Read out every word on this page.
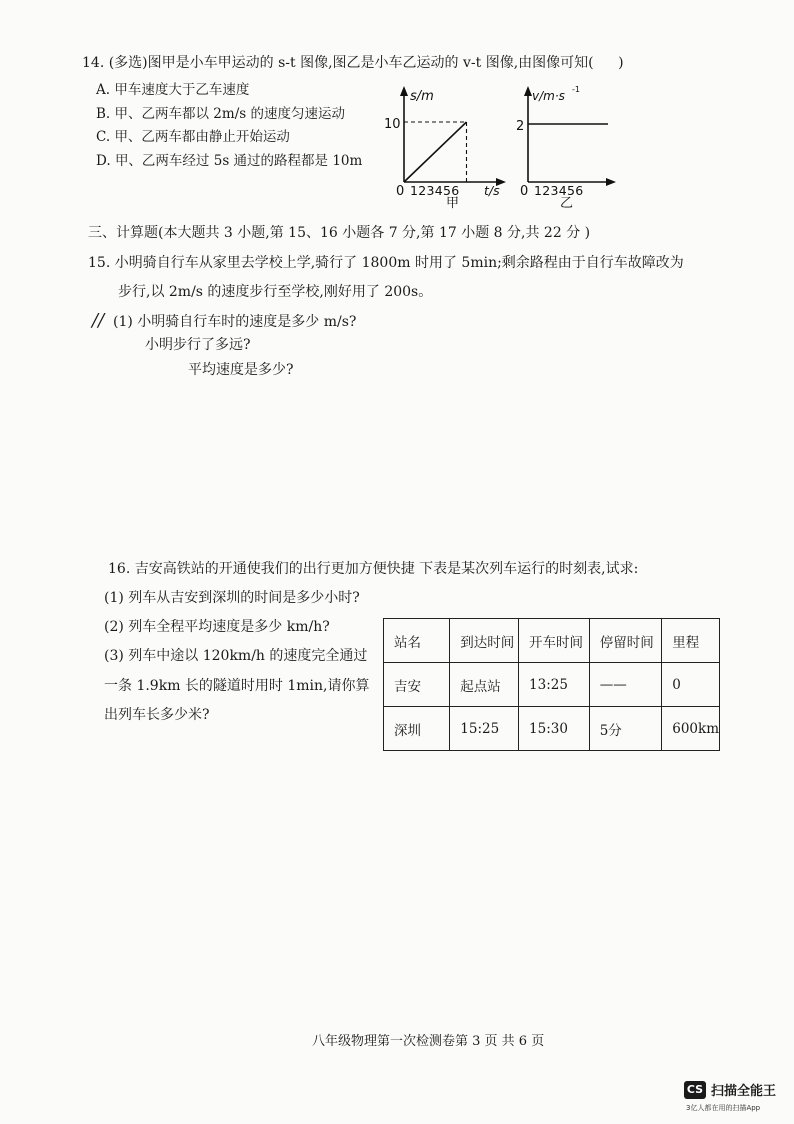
14. (多选)图甲是小车甲运动的 s-t 图像,图乙是小车乙运动的 v-t 图像,由图像可知( )
A. 甲车速度大于乙车速度
B. 甲、乙两车都以 2m/s 的速度匀速运动
C. 甲、乙两车都由静止开始运动
D. 甲、乙两车经过 5s 通过的路程都是 10m
s/m
10
0 123456 t/s
甲
v/m·s -1
2
0 123456
乙
三、计算题(本大题共 3 小题,第 15、16 小题各 7 分,第 17 小题 8 分,共 22 分 )
15. 小明骑自行车从家里去学校上学,骑行了 1800m 时用了 5min;剩余路程由于自行车故障改为
步行,以 2m/s 的速度步行至学校,刚好用了 200s。
// (1) 小明骑自行车时的速度是多少 m/s?
小明步行了多远?
平均速度是多少?
16. 吉安高铁站的开通使我们的出行更加方便快捷 下表是某次列车运行的时刻表,试求:
(1) 列车从吉安到深圳的时间是多少小时?
(2) 列车全程平均速度是多少 km/h?
(3) 列车中途以 120km/h 的速度完全通过
一条 1.9km 长的隧道时用时 1min,请你算
出列车长多少米?
站名	到达时间	开车时间	停留时间	里程
吉安	起点站	13:25	——	0
深圳	15:25	15:30	5分	600km
八年级物理第一次检测卷第 3 页 共 6 页
CS 扫描全能王
3亿人都在用的扫描App
